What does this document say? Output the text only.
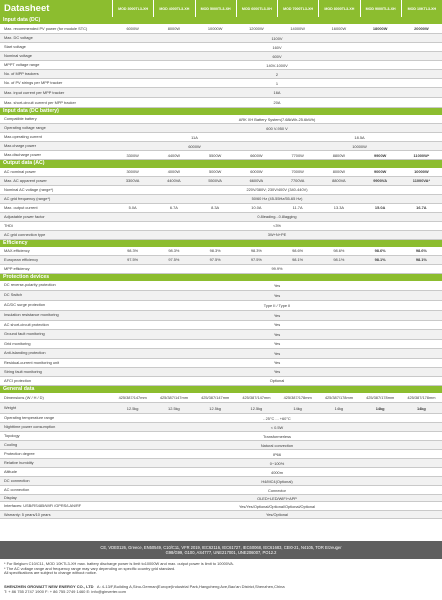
Datasheet	MOD 3000TL3-XH	MOD 4000TL3-XH	MOD 5000TL3-XH	MOD 6000TL3-XH	MOD 7000TL3-XH	MOD 8000TL3-XH	MOD 9000TL3-XH	MOD 10KTL3-XH
Input data (DC)
Max. recommended PV power (for module STC)	6000W	8000W	10000W	12000W	14000W	16000W	18000W	20000W
Max. DC voltage	1100V
Start voltage	160V
Nominal voltage	600V
MPPT voltage range	140V-1000V
No. of MPP trackers	2
No. of PV strings per MPP tracker	1
Max. input current per MPP tracker	16A
Max. short-circuit current per MPP tracker	20A
Input data (DC battery)
Compatible battery	ARK XH Battery System(7.68kWh-25.6kWh)
Operating voltage range	600 V-950 V
Max.operating current	11A	18.5A
Max.charge power	6000W	10000W
Max.discharge power	3300W	4400W	5500W	6600W	7700W	8800W	9900W	11000W*
Output data (AC)
AC nominal power	3000W	4000W	5000W	6000W	7000W	8000W	9000W	10000W
Max. AC apparent power	3300VA	4400VA	5500VA	6600VA	7700VA	8800VA	9900VA	11000VA*
Nominal AC voltage (range*)	220V/380V; 230V/400V (340-440V)
AC grid frequency (range*)	50/60 Hz (45-55Hz/55-65 Hz)
Max. output current	5.0A	6.7A	8.3A	10.0A	11.7A	13.3A	15.0A	16.7A
Adjustable power factor	0.8leading...0.8lagging
THDi	<3%
AC grid connection type	3W+N+PE
Efficiency
MAX.efficiency	98.3%	98.3%	98.3%	98.3%	98.6%	98.6%	98.6%	98.6%
European efficiency	97.5%	97.5%	97.5%	97.5%	98.1%	98.1%	98.1%	98.1%
MPP efficiency	99.9%
Protection devices
DC reverse-polarity protection	Yes
DC Switch	Yes
AC/DC surge protection	Type II / Type II
Insulation resistance monitoring	Yes
AC short-circuit protection	Yes
Ground fault monitoring	Yes
Grid monitoring	Yes
Anti-islanding protection	Yes
Residual-current monitoring unit	Yes
String fault monitoring	Yes
AFCI protection	Optional
General data
Dimensions (W / H / D)	425/387/147mm	425/387/147mm	425/387/147mm	425/387/147mm	425/387/178mm	425/387/178mm	425/387/178mm	425/387/178mm
Weight	12.5kg	12.5kg	12.5kg	12.5kg	14kg	14kg	14kg	14kg
Operating temperature range	- 25°C ... +60°C
Nighttime power consumption	< 0.5W
Topology	Transformerless
Cooling	Natural convection
Protection degree	IP66
Relative humidity	0~100%
Altitude	4000m
DC connection	H4/MC4(Optional)
AC connection	Connector
Display	OLED+LED/WIFI+APP
Interfaces: USB/RS485/WiFi /GPRS/LAN/RF	Yes/Yes/Optional/Optional/Optional/Optional
Warranty: 5 years/10 years	Yes/Optional
CE, VDE0126, Greece, EN50549, C10/C11, VFR 2019, IEC62116, IEC61727, IEC60068, IEC61683, CEI0-21, N4105, TOR Erzeuger
G98/G99, G100, AS4777, UNE217001, UNE206007, PO12.2
* For Belgium C10/C11, MOD 10KTL3-XH max. battery discharge power is limit to10000W and max. output power is limit to 10000VA.
* The AC voltage range and frequency range may vary depending on specific country grid standard.
All specifications are subject to change without notice.
SHENZHEN GROWATT NEW ENERGY CO., LTD A: 4-13/F,Building A,Sino-German(Europe)Industrial Park,Hangcheng Ave,Bao'an District,Shenzhen,China
T: + 86 755 2747 1900 F: + 86 755 2749 1460 E: info@ginverter.com
